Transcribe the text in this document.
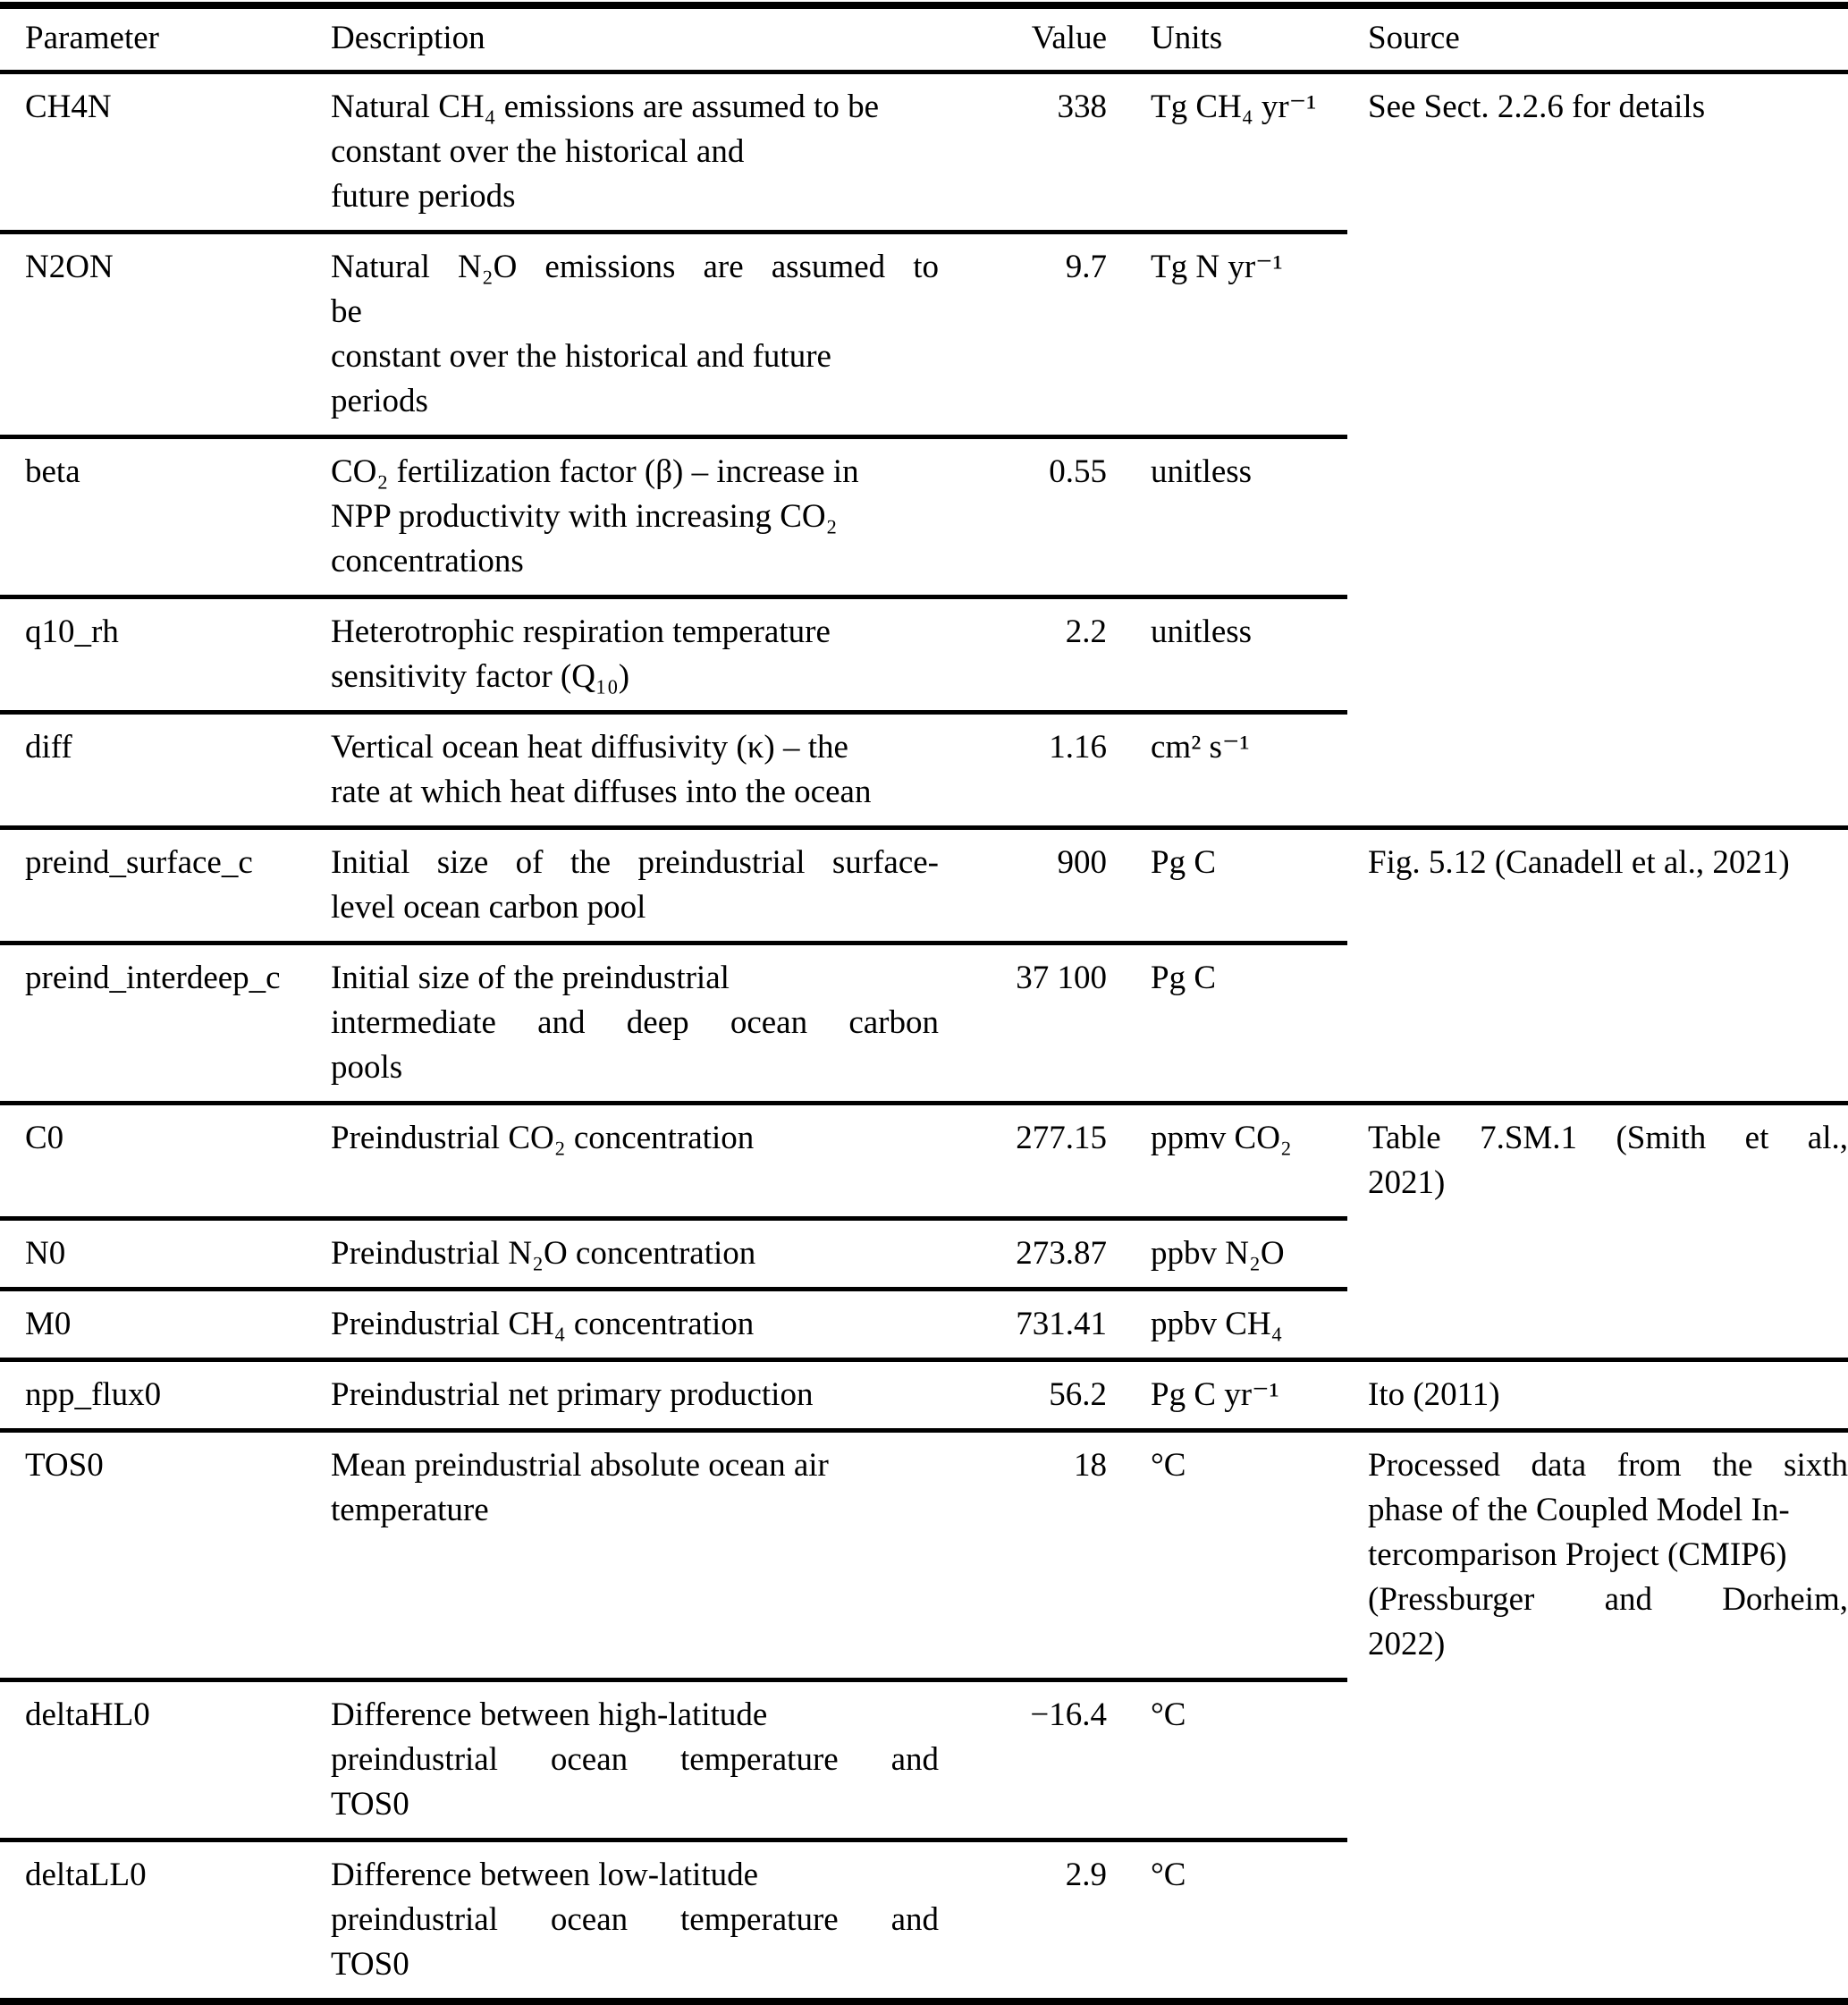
Parameter	Description	Value	Units	Source
CH4N	Natural CH₄ emissions are assumed to be
constant over the historical and
future periods
338	Tg CH₄ yr⁻¹	See Sect. 2.2.6 for details
N2ON	Natural N₂O emissions are assumed to
be
constant over the historical and future
periods
9.7	Tg N yr⁻¹
beta	CO₂ fertilization factor (β) – increase in
NPP productivity with increasing CO₂
concentrations
0.55	unitless
q10_rh	Heterotrophic respiration temperature
sensitivity factor (Q₁₀)
2.2	unitless
diff	Vertical ocean heat diffusivity (κ) – the
rate at which heat diffuses into the ocean
1.16	cm² s⁻¹
preind_surface_c	Initial size of the preindustrial surface-
level ocean carbon pool
900	Pg C	Fig. 5.12 (Canadell et al., 2021)
preind_interdeep_c	Initial size of the preindustrial
intermediate and deep ocean carbon
pools
37 100	Pg C
C0	Preindustrial CO₂ concentration	277.15	ppmv CO₂	Table 7.SM.1 (Smith et al.,
2021)
N0	Preindustrial N₂O concentration	273.87	ppbv N₂O
M0	Preindustrial CH₄ concentration	731.41	ppbv CH₄
npp_flux0	Preindustrial net primary production	56.2	Pg C yr⁻¹	Ito (2011)
TOS0	Mean preindustrial absolute ocean air
temperature
18	°C	Processed data from the sixth
phase of the Coupled Model In-
tercomparison Project (CMIP6)
(Pressburger and Dorheim,
2022)
deltaHL0	Difference between high-latitude
preindustrial ocean temperature and
TOS0
−16.4	°C
deltaLL0	Difference between low-latitude
preindustrial ocean temperature and
TOS0
2.9	°C
